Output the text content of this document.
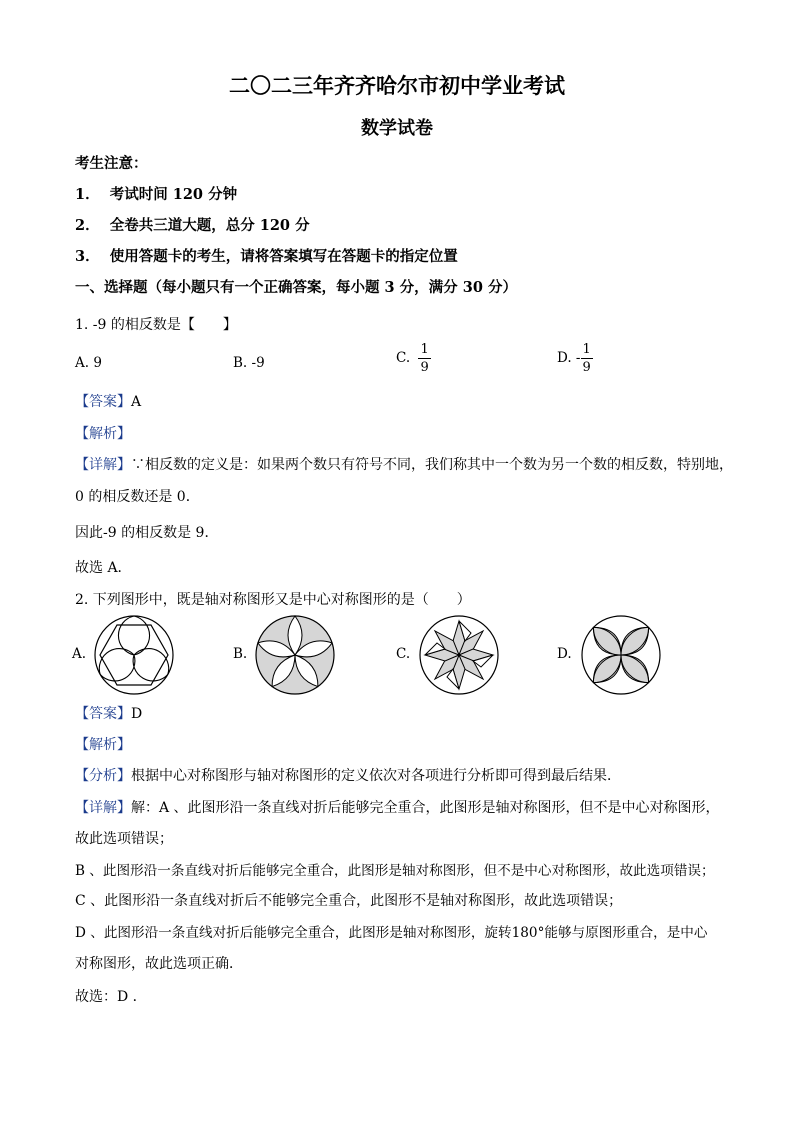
二〇二三年齐齐哈尔市初中学业考试
数学试卷
考生注意：
1． 考试时间 120 分钟
2． 全卷共三道大题，总分 120 分
3． 使用答题卡的考生，请将答案填写在答题卡的指定位置
一、选择题（每小题只有一个正确答案，每小题 3 分，满分 30 分）
1. -9 的相反数是【　　】
A. 9	B. -9	C. $\frac{1}{9}$	D. - $\frac{1}{9}$
【答案】A
【解析】
【详解】∵相反数的定义是：如果两个数只有符号不同，我们称其中一个数为另一个数的相反数，特别地，
0 的相反数还是 0．
因此-9 的相反数是 9．
故选 A．
2. 下列图形中，既是轴对称图形又是中心对称图形的是（　　）
A.	B.	C.	D.
【答案】D
【解析】
【分析】根据中心对称图形与轴对称图形的定义依次对各项进行分析即可得到最后结果．
【详解】解：A 、此图形沿一条直线对折后能够完全重合，此图形是轴对称图形，但不是中心对称图形，
故此选项错误；
B 、此图形沿一条直线对折后能够完全重合，此图形是轴对称图形，但不是中心对称图形，故此选项错误；
C 、此图形沿一条直线对折后不能够完全重合，此图形不是轴对称图形，故此选项错误；
D 、此图形沿一条直线对折后能够完全重合，此图形是轴对称图形，旋转180°能够与原图形重合，是中心
对称图形，故此选项正确．
故选：D ．
